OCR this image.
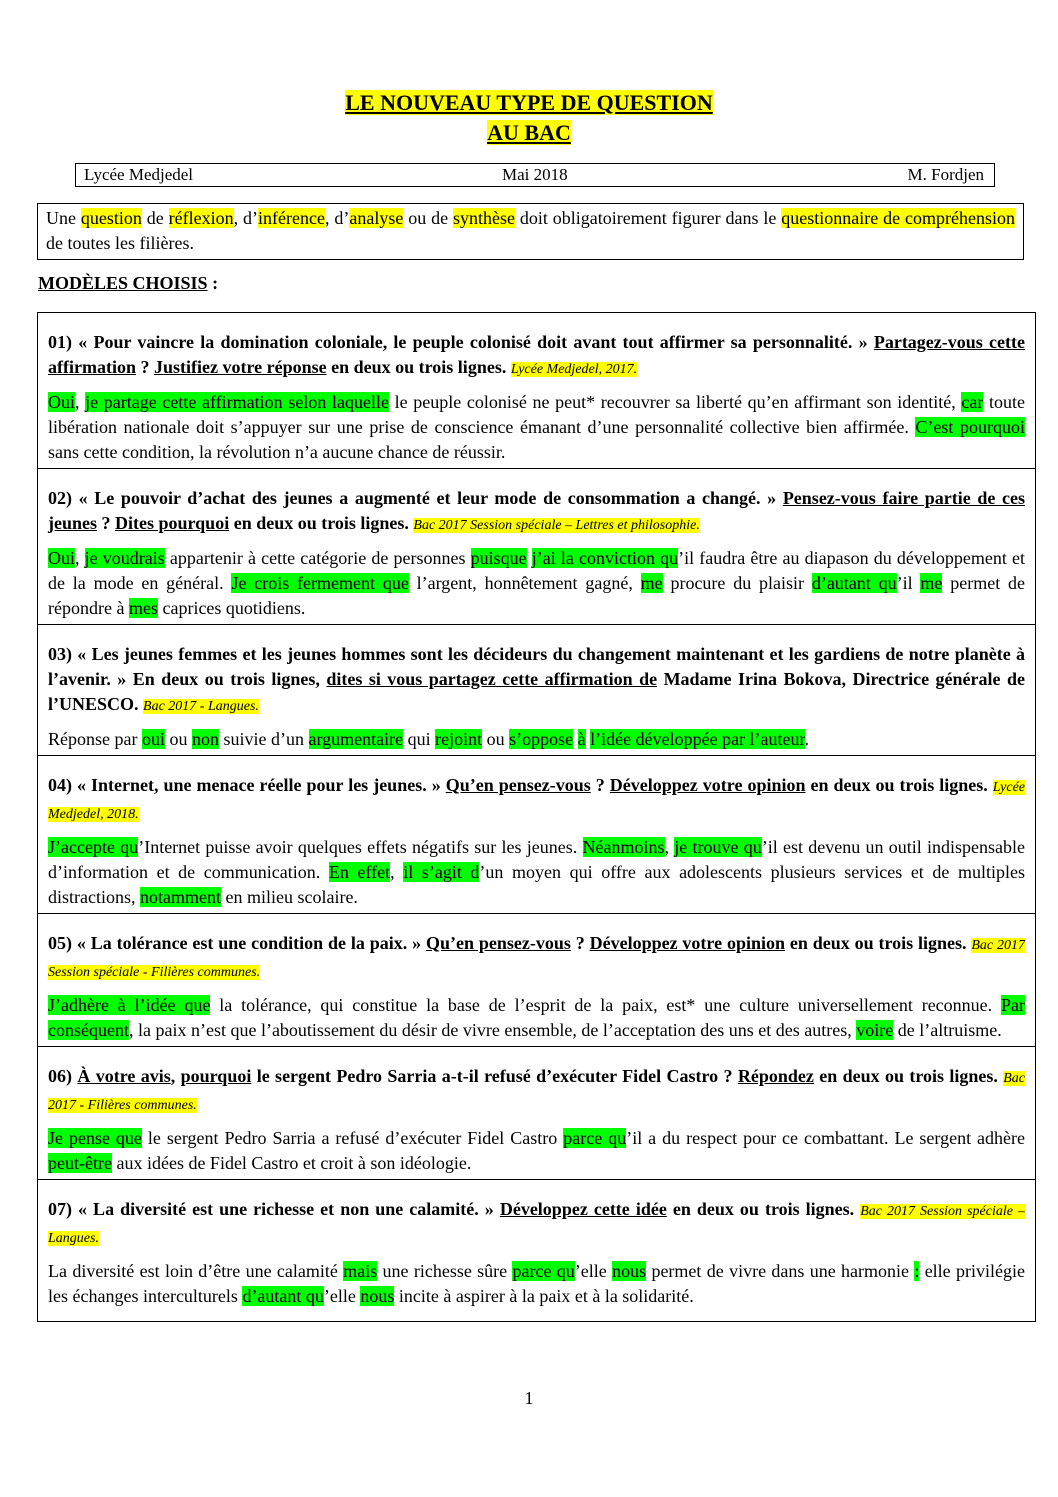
LE NOUVEAU TYPE DE QUESTION
AU BAC
Lycée Medjedel	Mai 2018	M. Fordjen
Une question de réflexion, d’inférence, d’analyse ou de synthèse doit obligatoirement figurer dans le questionnaire de compréhension de toutes les filières.
MODÈLES CHOISIS :

01) « Pour vaincre la domination coloniale, le peuple colonisé doit avant tout affirmer sa personnalité. » Partagez-vous cette affirmation ? Justifiez votre réponse en deux ou trois lignes. Lycée Medjedel, 2017.

Oui, je partage cette affirmation selon laquelle le peuple colonisé ne peut* recouvrer sa liberté qu’en affirmant son identité, car toute libération nationale doit s’appuyer sur une prise de conscience émanant d’une personnalité collective bien affirmée. C’est pourquoi sans cette condition, la révolution n’a aucune chance de réussir.

02) « Le pouvoir d’achat des jeunes a augmenté et leur mode de consommation a changé. » Pensez-vous faire partie de ces jeunes ? Dites pourquoi en deux ou trois lignes. Bac 2017 Session spéciale – Lettres et philosophie.

Oui, je voudrais appartenir à cette catégorie de personnes puisque j’ai la conviction qu’il faudra être au diapason du développement et de la mode en général. Je crois fermement que l’argent, honnêtement gagné, me procure du plaisir d’autant qu’il me permet de répondre à mes caprices quotidiens.

03) « Les jeunes femmes et les jeunes hommes sont les décideurs du changement maintenant et les gardiens de notre planète à l’avenir. » En deux ou trois lignes, dites si vous partagez cette affirmation de Madame Irina Bokova, Directrice générale de l’UNESCO. Bac 2017 - Langues.

Réponse par oui ou non suivie d’un argumentaire qui rejoint ou s’oppose à l’idée développée par l’auteur.

04) « Internet, une menace réelle pour les jeunes. » Qu’en pensez-vous ? Développez votre opinion en deux ou trois lignes. Lycée Medjedel, 2018.

J’accepte qu’Internet puisse avoir quelques effets négatifs sur les jeunes. Néanmoins, je trouve qu’il est devenu un outil indispensable d’information et de communication. En effet, il s’agit d’un moyen qui offre aux adolescents plusieurs services et de multiples distractions, notamment en milieu scolaire.

05) « La tolérance est une condition de la paix. » Qu’en pensez-vous ? Développez votre opinion en deux ou trois lignes. Bac 2017 Session spéciale - Filières communes.

J’adhère à l’idée que la tolérance, qui constitue la base de l’esprit de la paix, est* une culture universellement reconnue. Par conséquent, la paix n’est que l’aboutissement du désir de vivre ensemble, de l’acceptation des uns et des autres, voire de l’altruisme.

06) À votre avis, pourquoi le sergent Pedro Sarria a-t-il refusé d’exécuter Fidel Castro ? Répondez en deux ou trois lignes. Bac 2017 - Filières communes.

Je pense que le sergent Pedro Sarria a refusé d’exécuter Fidel Castro parce qu’il a du respect pour ce combattant. Le sergent adhère peut-être aux idées de Fidel Castro et croit à son idéologie.

07) « La diversité est une richesse et non une calamité. » Développez cette idée en deux ou trois lignes. Bac 2017 Session spéciale – Langues.

La diversité est loin d’être une calamité mais une richesse sûre parce qu’elle nous permet de vivre dans une harmonie : elle privilégie les échanges interculturels d’autant qu’elle nous incite à aspirer à la paix et à la solidarité.

1
